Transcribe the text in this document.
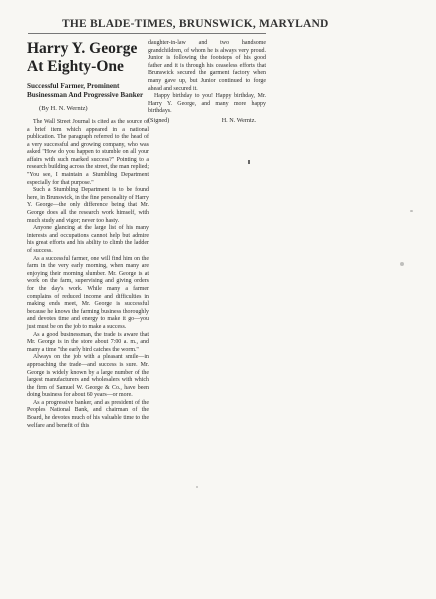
THE BLADE-TIMES, BRUNSWICK, MARYLAND
Harry Y. George At Eighty-One

Successful Farmer, Prominent Businessman And Progressive Banker

(By H. N. Werntz)

The Wall Street Journal is cited as the source of a brief item which appeared in a national publication. The paragraph referred to the head of a very successful and growing company, who was asked "How do you happen to stumble on all your affairs with such marked success?" Pointing to a research building across the street, the man replied; "You see, I maintain a Stumbling Department especially for that purpose."

Such a Stumbling Department is to be found here, in Brunswick, in the fine personality of Harry Y. George—the only difference being that Mr. George does all the research work himself, with much study and vigor; never too hasty.

Anyone glancing at the large list of his many interests and occupations cannot help but admire his great efforts and his ability to climb the ladder of success.

As a successful farmer, one will find him on the farm in the very early morning, when many are enjoying their morning slumber. Mr. George is at work on the farm, supervising and giving orders for the day's work. While many a farmer complains of reduced income and difficulties in making ends meet, Mr. George is successful because he knows the farming business thoroughly and devotes time and energy to make it go—you just must be on the job to make a success.

As a good businessman, the trade is aware that Mr. George is in the store about 7:00 a. m., and many a time "the early bird catches the worm."

Always on the job with a pleasant smile—in approaching the trade—and success is sure. Mr. George is widely known by a large number of the largest manufacturers and wholesalers with which the firm of Samuel W. George & Co., have been doing business for about 60 years—or more.

As a progressive banker, and as president of the Peoples National Bank, and chairman of the Board, he devotes much of his valuable time to the welfare and benefit of this

daughter-in-law and two handsome grandchildren, of whom he is always very proud. Junior is following the footsteps of his good father and it is through his ceaseless efforts that Brunswick secured the garment factory when many gave up, but Junior continued to forge ahead and secured it.

Happy birthday to you! Happy birthday, Mr. Harry Y. George, and many more happy birthdays.

(Signed)	H. N. Werntz.
